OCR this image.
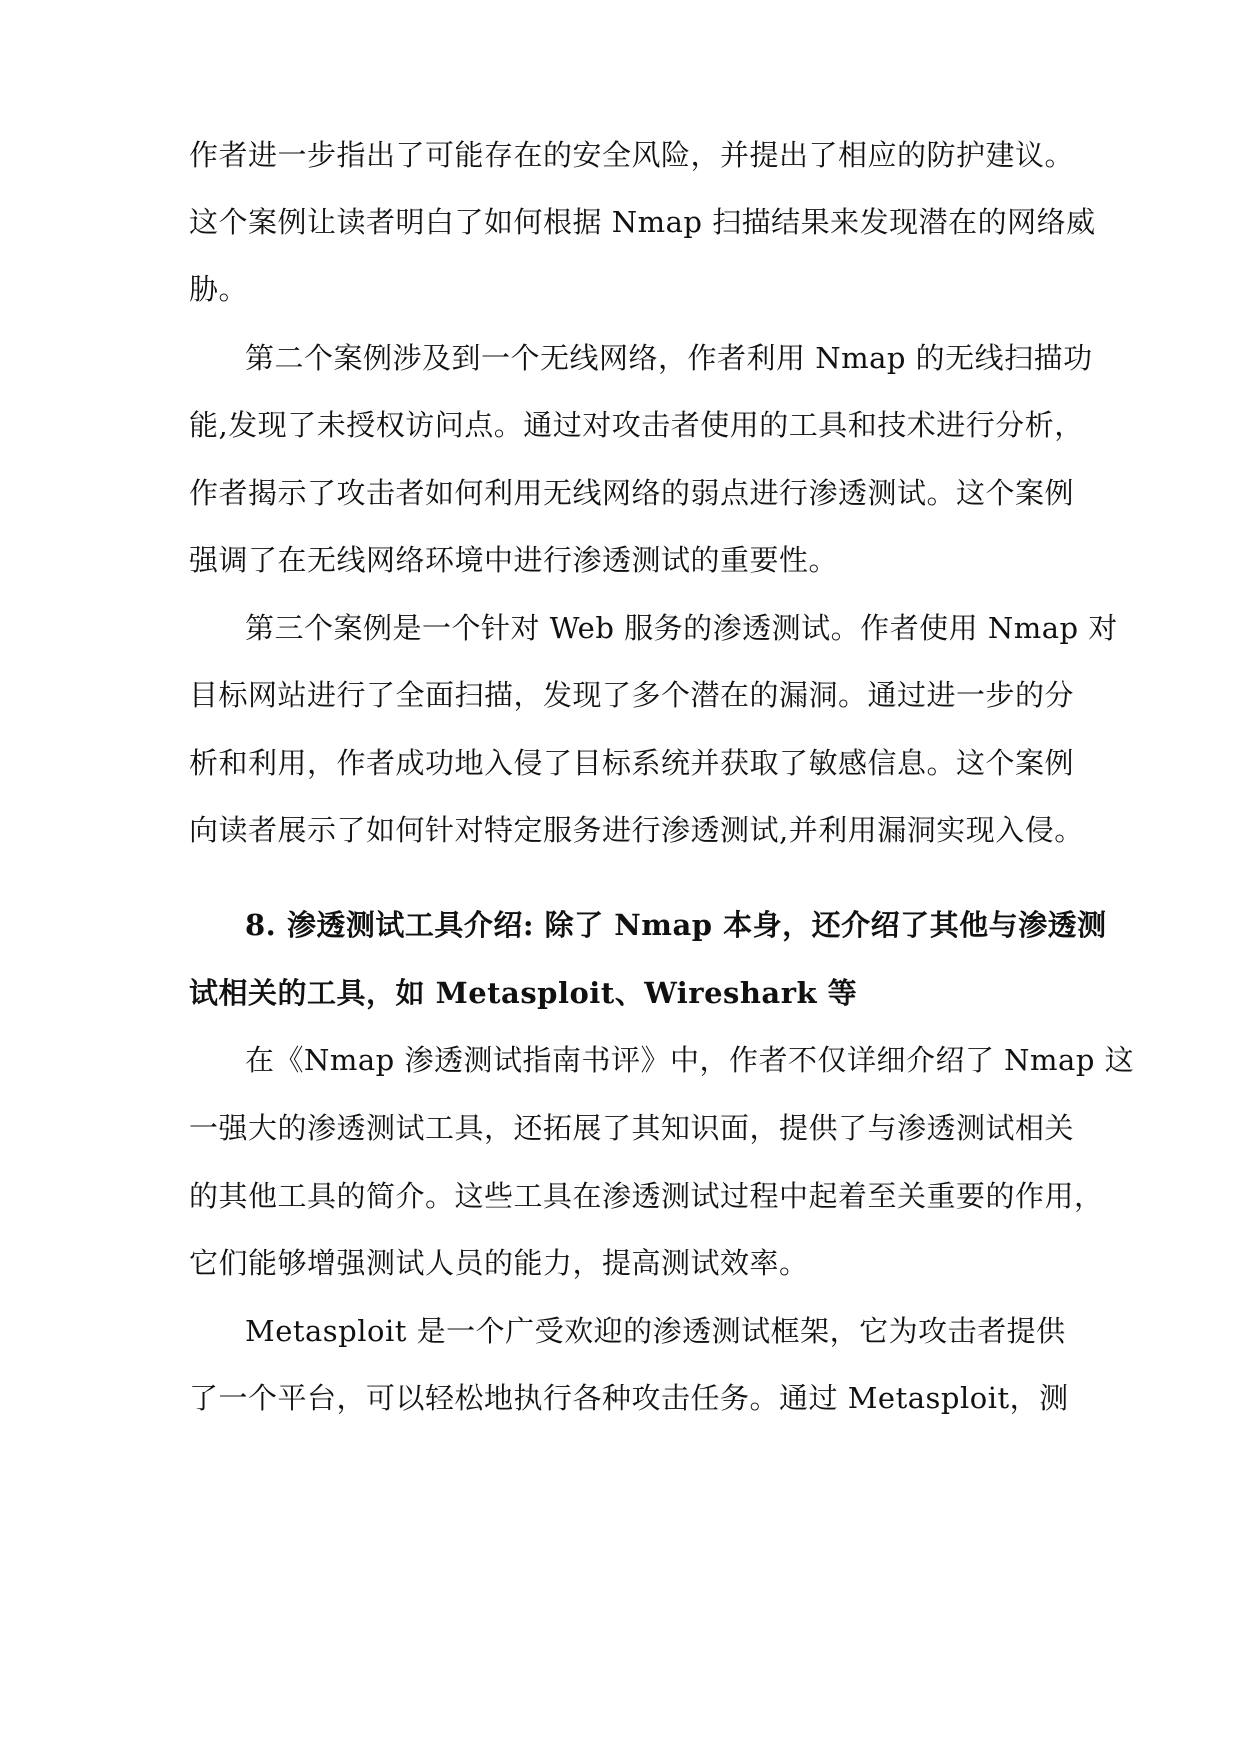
作者进一步指出了可能存在的安全风险，并提出了相应的防护建议。
这个案例让读者明白了如何根据 Nmap 扫描结果来发现潜在的网络威
胁。
第二个案例涉及到一个无线网络，作者利用 Nmap 的无线扫描功
能,发现了未授权访问点。通过对攻击者使用的工具和技术进行分析，
作者揭示了攻击者如何利用无线网络的弱点进行渗透测试。这个案例
强调了在无线网络环境中进行渗透测试的重要性。
第三个案例是一个针对 Web 服务的渗透测试。作者使用 Nmap 对
目标网站进行了全面扫描，发现了多个潜在的漏洞。通过进一步的分
析和利用，作者成功地入侵了目标系统并获取了敏感信息。这个案例
向读者展示了如何针对特定服务进行渗透测试,并利用漏洞实现入侵。
8. 渗透测试工具介绍: 除了 Nmap 本身，还介绍了其他与渗透测
试相关的工具，如 Metasploit、Wireshark 等
在《Nmap 渗透测试指南书评》中，作者不仅详细介绍了 Nmap 这
一强大的渗透测试工具，还拓展了其知识面，提供了与渗透测试相关
的其他工具的简介。这些工具在渗透测试过程中起着至关重要的作用，
它们能够增强测试人员的能力，提高测试效率。
Metasploit 是一个广受欢迎的渗透测试框架，它为攻击者提供
了一个平台，可以轻松地执行各种攻击任务。通过 Metasploit，测
